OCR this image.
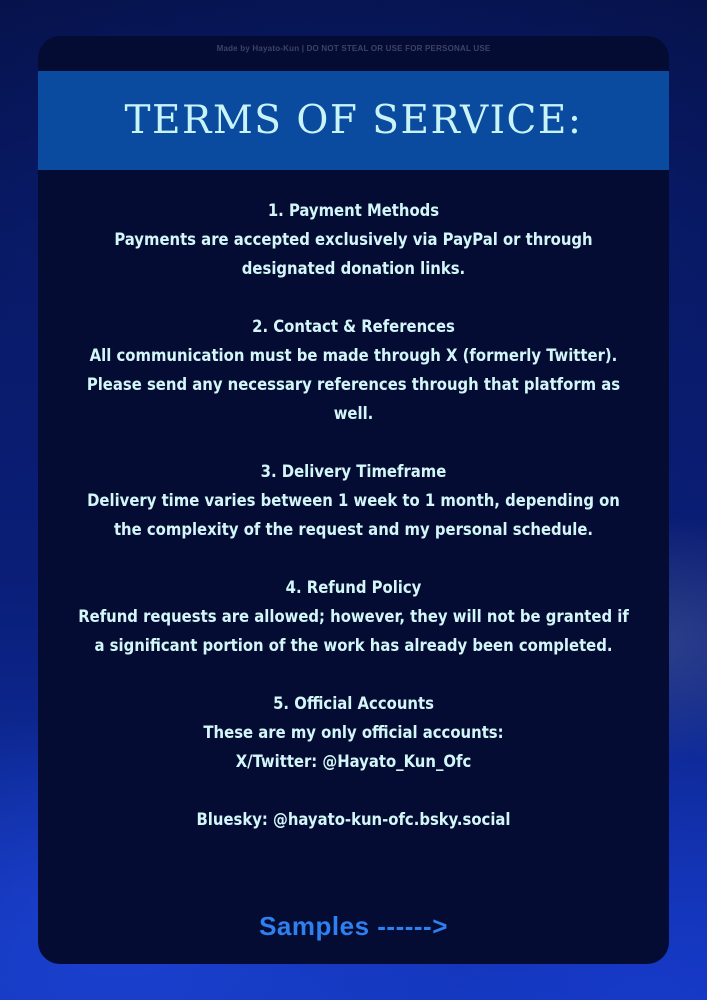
Made by Hayato-Kun | DO NOT STEAL OR USE FOR PERSONAL USE
TERMS OF SERVICE:

1. Payment Methods

Payments are accepted exclusively via PayPal or through designated donation links.

2. Contact & References

All communication must be made through X (formerly Twitter). Please send any necessary references through that platform as well.

3. Delivery Timeframe

Delivery time varies between 1 week to 1 month, depending on the complexity of the request and my personal schedule.

4. Refund Policy

Refund requests are allowed; however, they will not be granted if a significant portion of the work has already been completed.

5. Official Accounts

These are my only official accounts:

X/Twitter: @Hayato_Kun_Ofc

Bluesky: @hayato-kun-ofc.bsky.social

Samples ------>
